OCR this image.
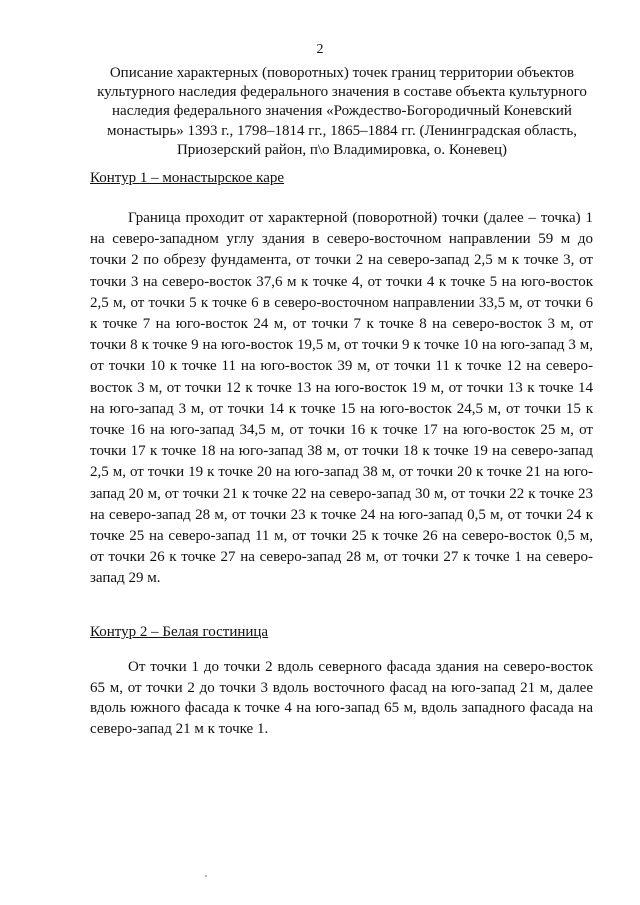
2
Описание характерных (поворотных) точек границ территории объектов
культурного наследия федерального значения в составе объекта культурного
наследия федерального значения «Рождество-Богородичный Коневский
монастырь» 1393 г., 1798–1814 гг., 1865–1884 гг. (Ленинградская область,
Приозерский район, п\о Владимировка, о. Коневец)
Контур 1 – монастырское каре

Граница проходит от характерной (поворотной) точки (далее – точка) 1 на северо-западном углу здания в северо-восточном направлении 59 м до точки 2 по обрезу фундамента, от точки 2 на северо-запад 2,5 м к точке 3, от точки 3 на северо-восток 37,6 м к точке 4, от точки 4 к точке 5 на юго-восток 2,5 м, от точки 5 к точке 6 в северо-восточном направлении 33,5 м, от точки 6 к точке 7 на юго-восток 24 м, от точки 7 к точке 8 на северо-восток 3 м, от точки 8 к точке 9 на юго-восток 19,5 м, от точки 9 к точке 10 на юго-запад 3 м, от точки 10 к точке 11 на юго-восток 39 м, от точки 11 к точке 12 на северо-восток 3 м, от точки 12 к точке 13 на юго-восток 19 м, от точки 13 к точке 14 на юго-запад 3 м, от точки 14 к точке 15 на юго-восток 24,5 м, от точки 15 к точке 16 на юго-запад 34,5 м, от точки 16 к точке 17 на юго-восток 25 м, от точки 17 к точке 18 на юго-запад 38 м, от точки 18 к точке 19 на северо-запад 2,5 м, от точки 19 к точке 20 на юго-запад 38 м, от точки 20 к точке 21 на юго-запад 20 м, от точки 21 к точке 22 на северо-запад 30 м, от точки 22 к точке 23 на северо-запад 28 м, от точки 23 к точке 24 на юго-запад 0,5 м, от точки 24 к точке 25 на северо-запад 11 м, от точки 25 к точке 26 на северо-восток 0,5 м, от точки 26 к точке 27 на северо-запад 28 м, от точки 27 к точке 1 на северо-запад 29 м.

Контур 2 – Белая гостиница

От точки 1 до точки 2 вдоль северного фасада здания на северо-восток 65 м, от точки 2 до точки 3 вдоль восточного фасад на юго-запад 21 м, далее вдоль южного фасада к точке 4 на юго-запад 65 м, вдоль западного фасада на северо-запад 21 м к точке 1.
